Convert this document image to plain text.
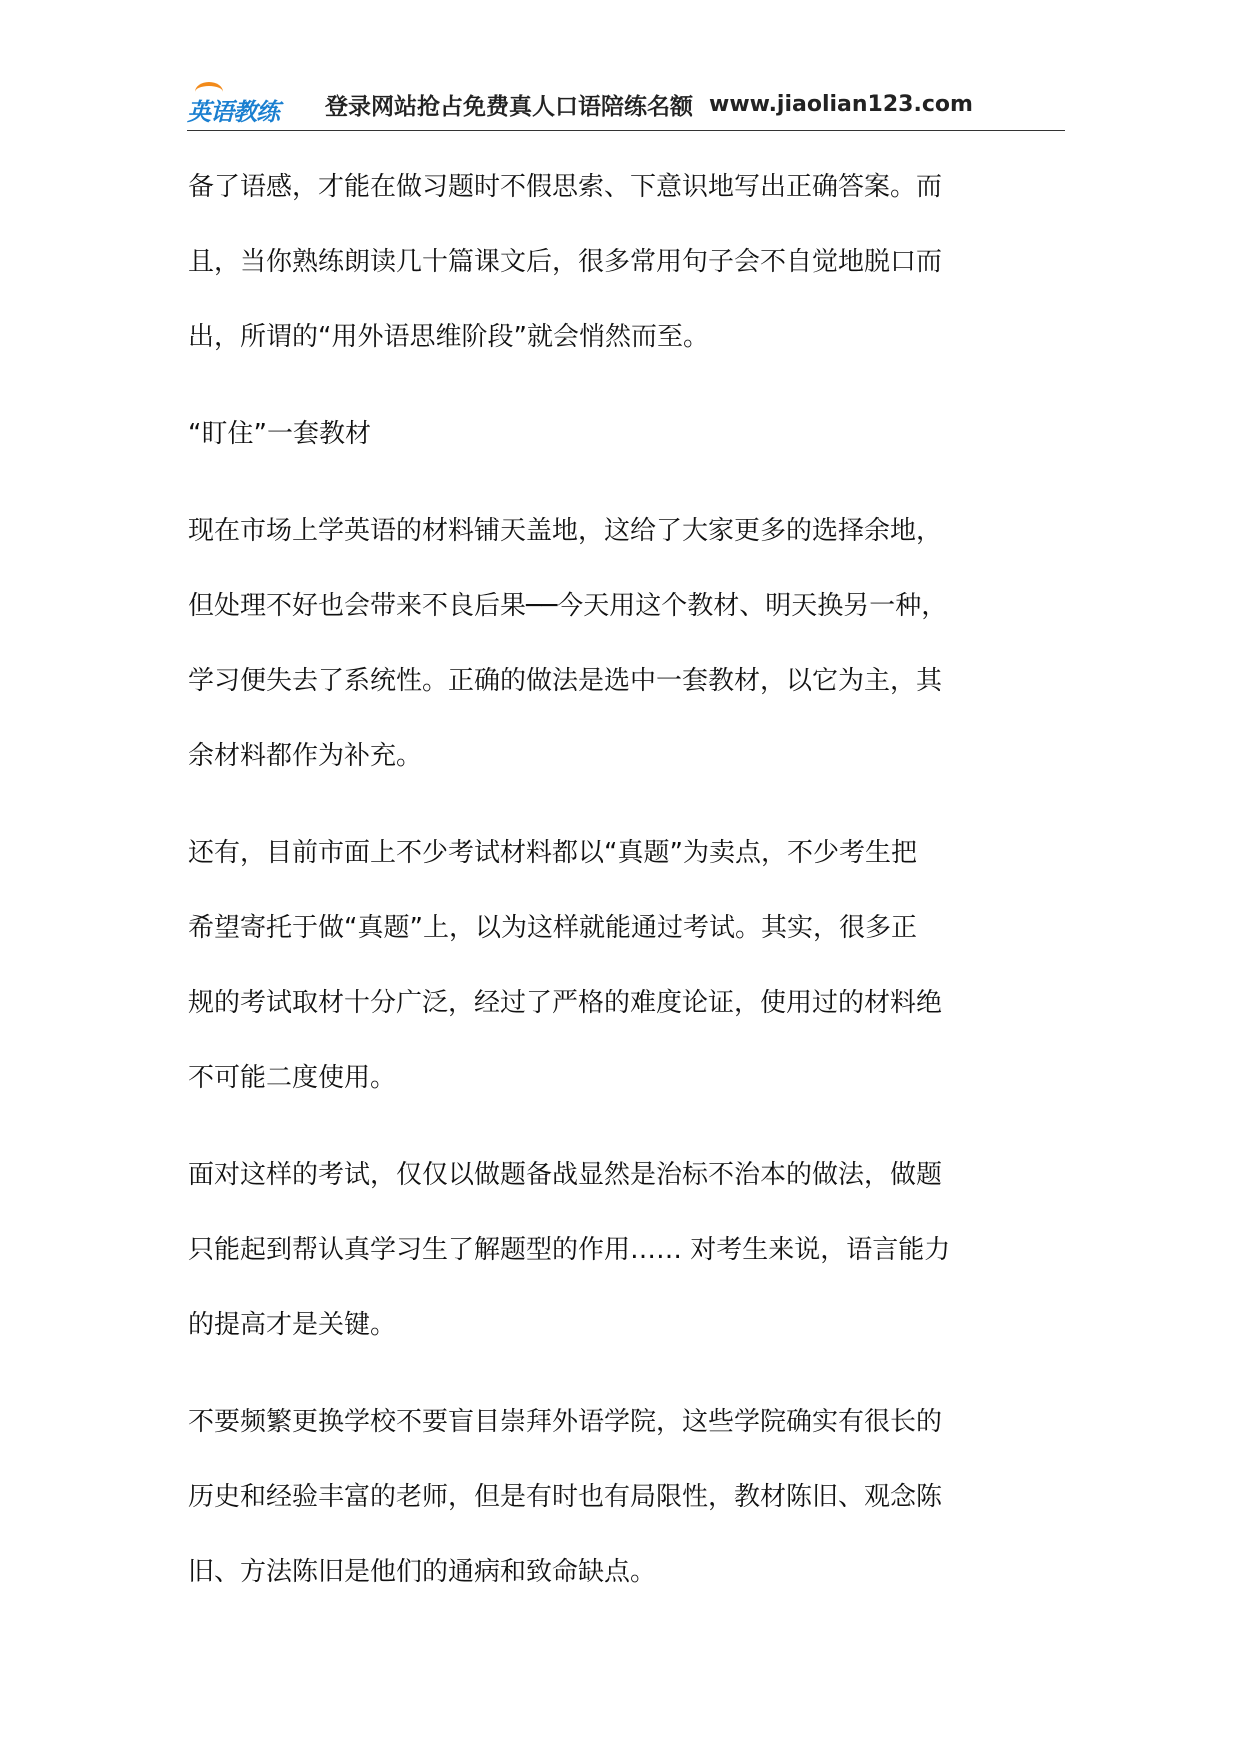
英语教练 登录网站抢占免费真人口语陪练名额 www.jiaolian123.com

备了语感，才能在做习题时不假思索、下意识地写出正确答案。而
且，当你熟练朗读几十篇课文后，很多常用句子会不自觉地脱口而
出，所谓的“用外语思维阶段”就会悄然而至。

“盯住”一套教材

现在市场上学英语的材料铺天盖地，这给了大家更多的选择余地，
但处理不好也会带来不良后果──今天用这个教材、明天换另一种，
学习便失去了系统性。正确的做法是选中一套教材，以它为主，其
余材料都作为补充。

还有，目前市面上不少考试材料都以“真题”为卖点，不少考生把
希望寄托于做“真题”上，以为这样就能通过考试。其实，很多正
规的考试取材十分广泛，经过了严格的难度论证，使用过的材料绝
不可能二度使用。

面对这样的考试，仅仅以做题备战显然是治标不治本的做法，做题
只能起到帮认真学习生了解题型的作用…… 对考生来说，语言能力
的提高才是关键。

不要频繁更换学校不要盲目崇拜外语学院，这些学院确实有很长的
历史和经验丰富的老师，但是有时也有局限性，教材陈旧、观念陈
旧、方法陈旧是他们的通病和致命缺点。
